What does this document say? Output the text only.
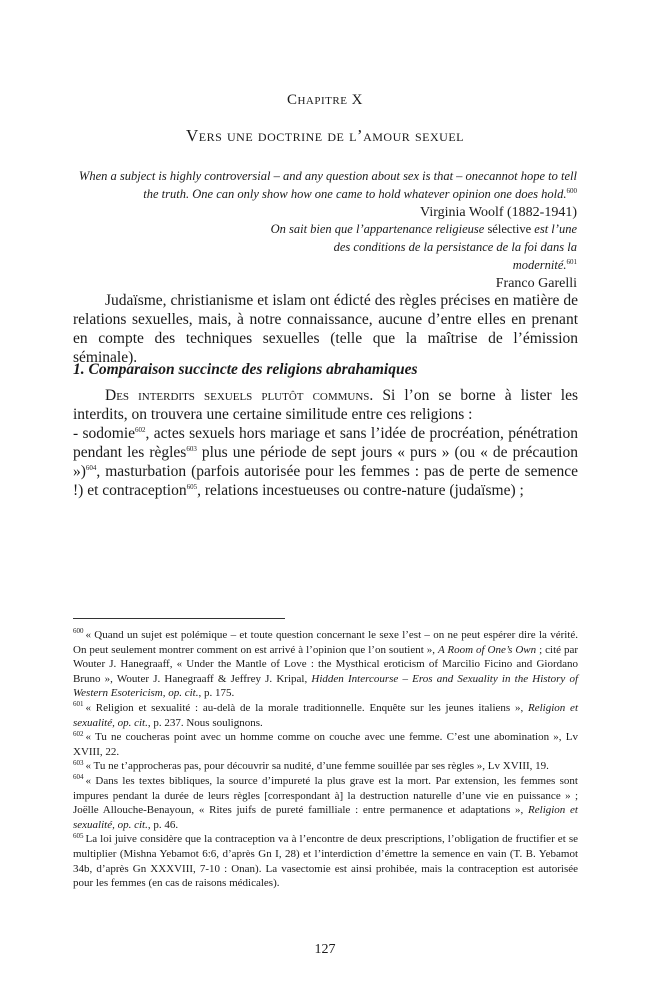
Chapitre X
Vers une doctrine de l’amour sexuel
When a subject is highly controversial – and any question about sex is that – onecannot hope to tell the truth. One can only show how one came to hold whatever opinion one does hold.$^{600}$
Virginia Woolf (1882-1941)
On sait bien que l’appartenance religieuse sélective est l’une des conditions de la persistance de la foi dans la modernité.$^{601}$
Franco Garelli

Judaïsme, christianisme et islam ont édicté des règles précises en matière de relations sexuelles, mais, à notre connaissance, aucune d’entre elles en prenant en compte des techniques sexuelles (telle que la maîtrise de l’émission séminale).

1. Comparaison succincte des religions abrahamiques
Des interdits sexuels plutôt communs. Si l’on se borne à lister les interdits, on trouvera une certaine similitude entre ces religions :
- sodomie$^{602}$, actes sexuels hors mariage et sans l’idée de procréation, pénétration pendant les règles$^{603}$ plus une période de sept jours « purs » (ou « de précaution »)$^{604}$, masturbation (parfois autorisée pour les femmes : pas de perte de semence !) et contraception$^{605}$, relations incestueuses ou contre-nature (judaïsme) ;

$^{600}$ « Quand un sujet est polémique – et toute question concernant le sexe l’est – on ne peut espérer dire la vérité. On peut seulement montrer comment on est arrivé à l’opinion que l’on soutient », A Room of One’s Own ; cité par Wouter J. Hanegraaff, « Under the Mantle of Love : the Mysthical eroticism of Marcilio Ficino and Giordano Bruno », Wouter J. Hanegraaff & Jeffrey J. Kripal, Hidden Intercourse – Eros and Sexuality in the History of Western Esotericism, op. cit., p. 175.

$^{601}$ « Religion et sexualité : au-delà de la morale traditionnelle. Enquête sur les jeunes italiens », Religion et sexualité, op. cit., p. 237. Nous soulignons.

$^{602}$ « Tu ne coucheras point avec un homme comme on couche avec une femme. C’est une abomination », Lv XVIII, 22.

$^{603}$ « Tu ne t’approcheras pas, pour découvrir sa nudité, d’une femme souillée par ses règles », Lv XVIII, 19.

$^{604}$ « Dans les textes bibliques, la source d’impureté la plus grave est la mort. Par extension, les femmes sont impures pendant la durée de leurs règles [correspondant à] la destruction naturelle d’une vie en puissance » ; Joëlle Allouche-Benayoun, « Rites juifs de pureté familliale : entre permanence et adaptations », Religion et sexualité, op. cit., p. 46.

$^{605}$ La loi juive considère que la contraception va à l’encontre de deux prescriptions, l’obligation de fructifier et se multiplier (Mishna Yebamot 6:6, d’après Gn I, 28) et l’interdiction d’émettre la semence en vain (T. B. Yebamot 34b, d’après Gn XXXVIII, 7-10 : Onan). La vasectomie est ainsi prohibée, mais la contraception est autorisée pour les femmes (en cas de raisons médicales).

127
